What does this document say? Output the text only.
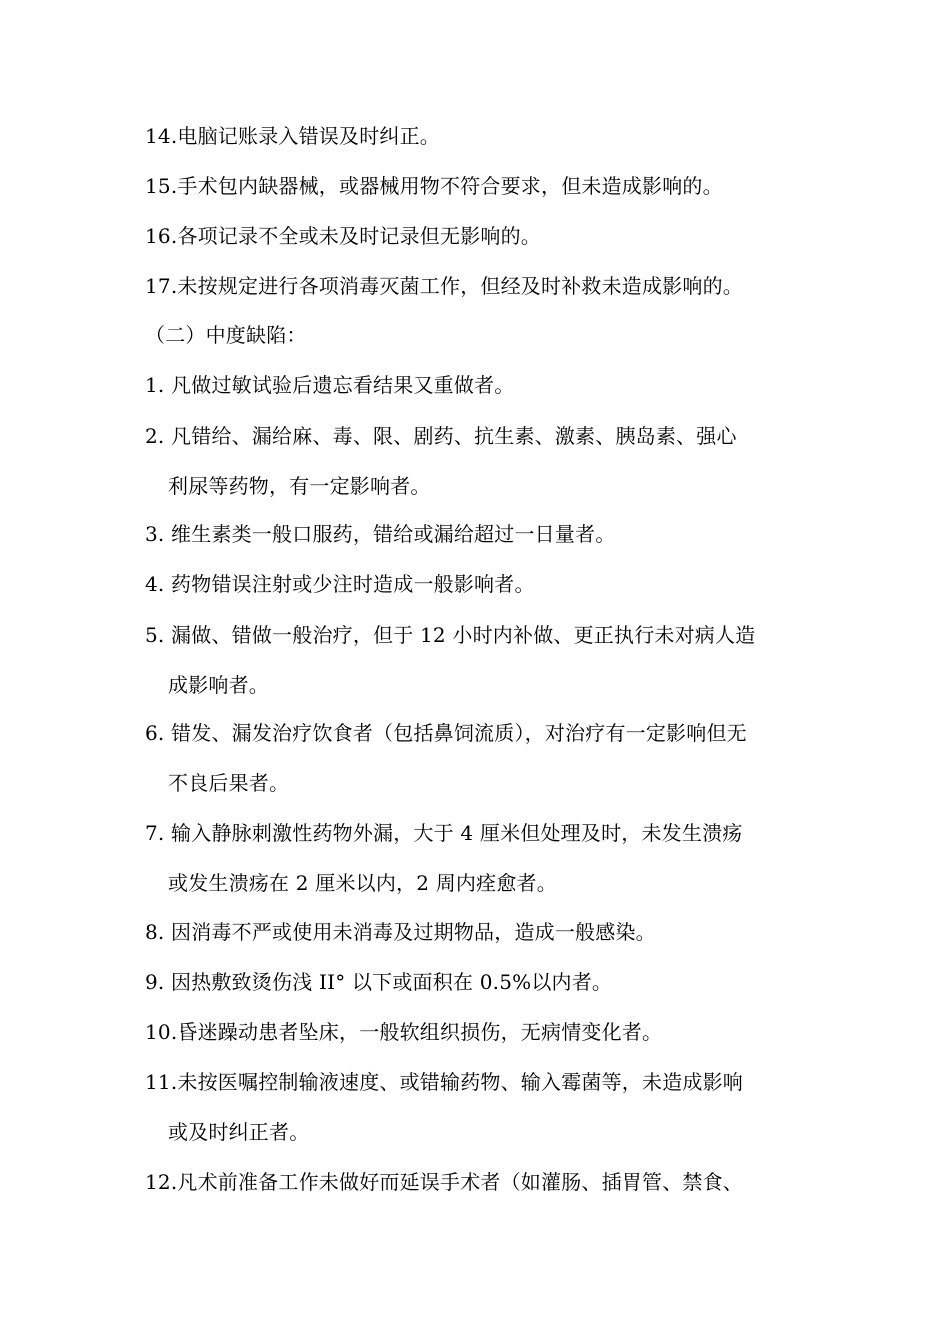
14.电脑记账录入错误及时纠正。
15.手术包内缺器械，或器械用物不符合要求，但未造成影响的。
16.各项记录不全或未及时记录但无影响的。
17.未按规定进行各项消毒灭菌工作，但经及时补救未造成影响的。
（二）中度缺陷：
1. 凡做过敏试验后遗忘看结果又重做者。
2. 凡错给、漏给麻、毒、限、剧药、抗生素、激素、胰岛素、强心
利尿等药物，有一定影响者。
3. 维生素类一般口服药，错给或漏给超过一日量者。
4. 药物错误注射或少注时造成一般影响者。
5. 漏做、错做一般治疗，但于 12 小时内补做、更正执行未对病人造
成影响者。
6. 错发、漏发治疗饮食者（包括鼻饲流质），对治疗有一定影响但无
不良后果者。
7. 输入静脉刺激性药物外漏，大于 4 厘米但处理及时，未发生溃疡
或发生溃疡在 2 厘米以内，2 周内痊愈者。
8. 因消毒不严或使用未消毒及过期物品，造成一般感染。
9. 因热敷致烫伤浅 II° 以下或面积在 0.5%以内者。
10.昏迷躁动患者坠床，一般软组织损伤，无病情变化者。
11.未按医嘱控制输液速度、或错输药物、输入霉菌等，未造成影响
或及时纠正者。
12.凡术前准备工作未做好而延误手术者（如灌肠、插胃管、禁食、
